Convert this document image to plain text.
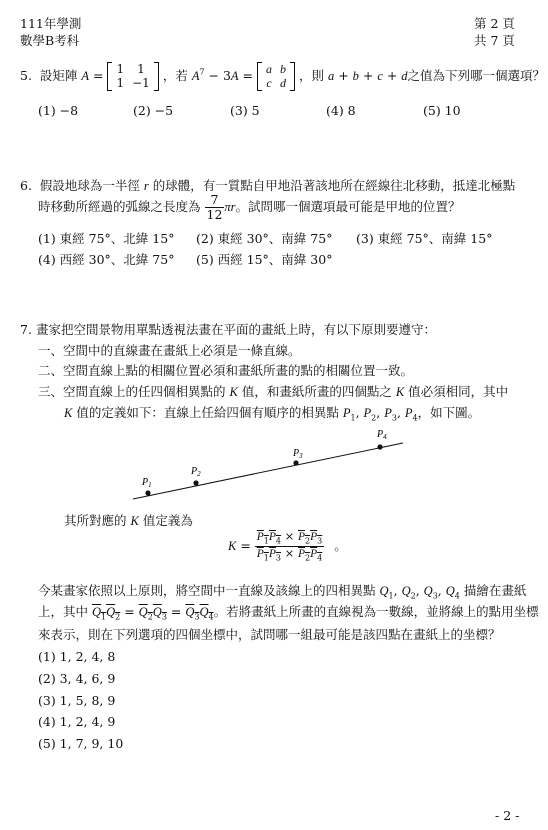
111年學測
數學B考科
第 2 頁
共 7 頁
5. 設矩陣 A = 1	1
1	−1
，若 $A^7 - 3A = a$	b
c	d
，則 a + b + c + d之值為下列哪一個選項？
(1) −8	(2) −5	(3) 5	(4) 8	(5) 10
6. 假設地球為一半徑 r 的球體，有一質點自甲地沿著該地所在經線往北移動，抵達北極點
時移動所經過的弧線之長度為 $\frac{7}{12}$ πr。試問哪一個選項最可能是甲地的位置？
(1) 東經 75°、北緯 15° (2) 東經 30°、南緯 75° (3) 東經 75°、南緯 15°
(4) 西經 30°、北緯 75° (5) 西經 15°、南緯 30°
7. 畫家把空間景物用單點透視法畫在平面的畫紙上時，有以下原則要遵守：
一、空間中的直線畫在畫紙上必須是一條直線。
二、空間直線上點的相關位置必須和畫紙所畫的點的相關位置一致。
三、空間直線上的任四個相異點的 K 值，和畫紙所畫的四個點之 K 值必須相同，其中
K 值的定義如下：直線上任給四個有順序的相異點 $P_1$, $P_2$, $P_3$, $P_4$，如下圖。
$P_1$
$P_2$
$P_3$
$P_4$
其所對應的 K 值定義為
$K = \frac{P_1P_4 \times P_2P_3}{P_1P_3 \times P_2P_4}$ 。
今某畫家依照以上原則，將空間中一直線及該線上的四相異點 $Q_1$, $Q_2$, $Q_3$, $Q_4$ 描繪在畫紙
上，其中 $Q_1Q_2 = Q_2Q_3 = Q_3Q_4$。若將畫紙上所畫的直線視為一數線，並將線上的點用坐標
來表示，則在下列選項的四個坐標中，試問哪一組最可能是該四點在畫紙上的坐標？
(1) 1, 2, 4, 8
(2) 3, 4, 6, 9
(3) 1, 5, 8, 9
(4) 1, 2, 4, 9
(5) 1, 7, 9, 10
- 2 -
